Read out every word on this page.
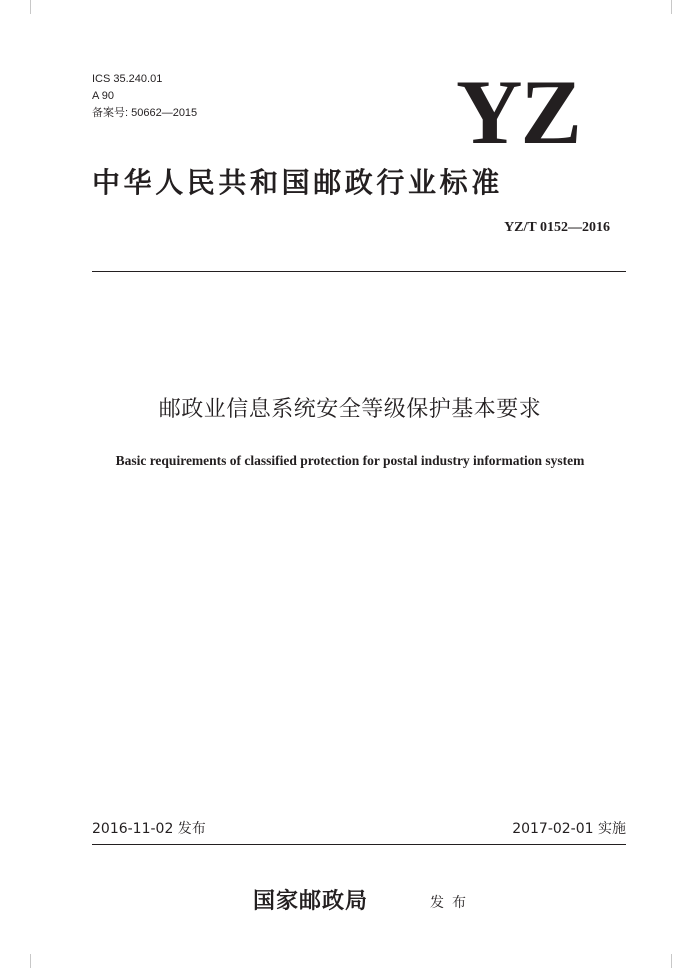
ICS 35.240.01
A 90
备案号: 50662—2015	YZ
中华人民共和国邮政行业标准
YZ/T 0152—2016
邮政业信息系统安全等级保护基本要求
Basic requirements of classified protection for postal industry information system
2016-11-02 发布	2017-02-01 实施
国家邮政局	发布
